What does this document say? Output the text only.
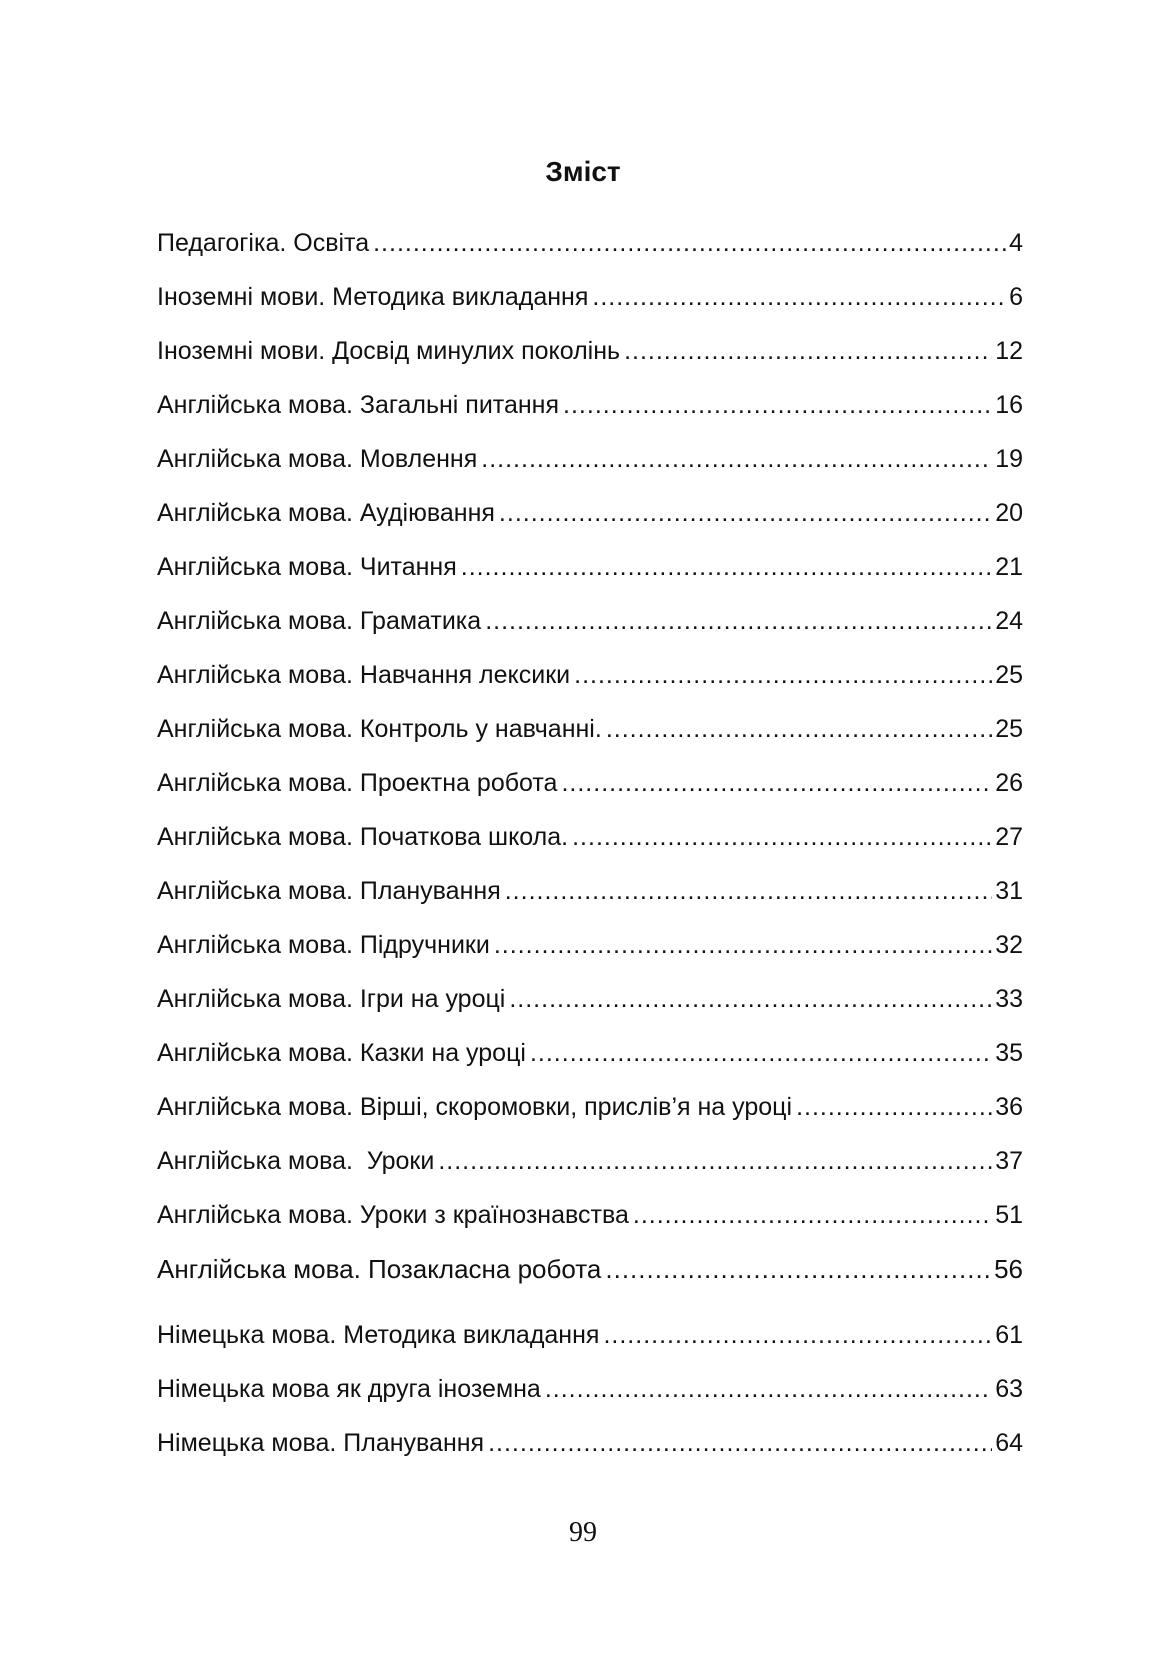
Зміст
Педагогіка. Освіта .....	4
Іноземні мови. Методика викладання .....	6
Іноземні мови. Досвід минулих поколінь .....	12
Англійська мова. Загальні питання .....	16
Англійська мова. Мовлення .....	19
Англійська мова. Аудіювання .....	20
Англійська мова. Читання .....	21
Англійська мова. Граматика .....	24
Англійська мова. Навчання лексики .....	25
Англійська мова. Контроль у навчанні. .....	25
Англійська мова. Проектна робота .....	26
Англійська мова. Початкова школа. .....	27
Англійська мова. Планування .....	31
Англійська мова. Підручники .....	32
Англійська мова. Ігри на уроці .....	33
Англійська мова. Казки на уроці .....	35
Англійська мова. Вірші, скоромовки, прислів’я на уроці .....	36
Англійська мова.  Уроки .....	37
Англійська мова. Уроки з країнознавства .....	51
Англійська мова. Позакласна робота .....	56
Німецька мова. Методика викладання .....	61
Німецька мова як друга іноземна .....	63
Німецька мова. Планування .....	64
99
